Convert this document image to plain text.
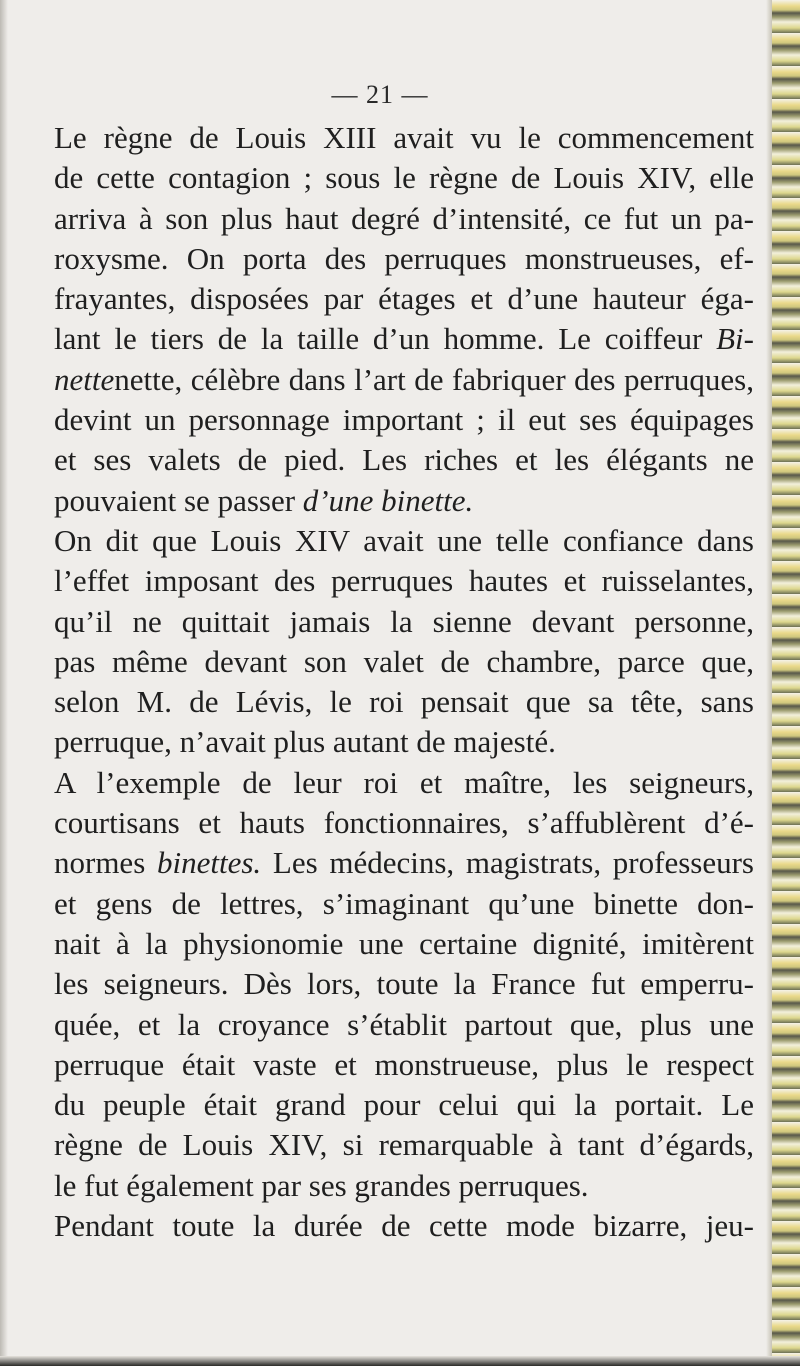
— 21 —
Le règne de Louis XIII avait vu le commencement
de cette contagion ; sous le règne de Louis XIV, elle
arriva à son plus haut degré d’intensité, ce fut un pa-
roxysme. On porta des perruques monstrueuses, ef-
frayantes, disposées par étages et d’une hauteur éga-
lant le tiers de la taille d’un homme. Le coiffeur Bi-
nettenette, célèbre dans l’art de fabriquer des perruques,
devint un personnage important ; il eut ses équipages
et ses valets de pied. Les riches et les élégants ne
pouvaient se passer d’une binette.
On dit que Louis XIV avait une telle confiance dans
l’effet imposant des perruques hautes et ruisselantes,
qu’il ne quittait jamais la sienne devant personne,
pas même devant son valet de chambre, parce que,
selon M. de Lévis, le roi pensait que sa tête, sans
perruque, n’avait plus autant de majesté.
A l’exemple de leur roi et maître, les seigneurs,
courtisans et hauts fonctionnaires, s’affublèrent d’é-
normes binettes. Les médecins, magistrats, professeurs
et gens de lettres, s’imaginant qu’une binette don-
nait à la physionomie une certaine dignité, imitèrent
les seigneurs. Dès lors, toute la France fut emperru-
quée, et la croyance s’établit partout que, plus une
perruque était vaste et monstrueuse, plus le respect
du peuple était grand pour celui qui la portait. Le
règne de Louis XIV, si remarquable à tant d’égards,
le fut également par ses grandes perruques.
Pendant toute la durée de cette mode bizarre, jeu-
